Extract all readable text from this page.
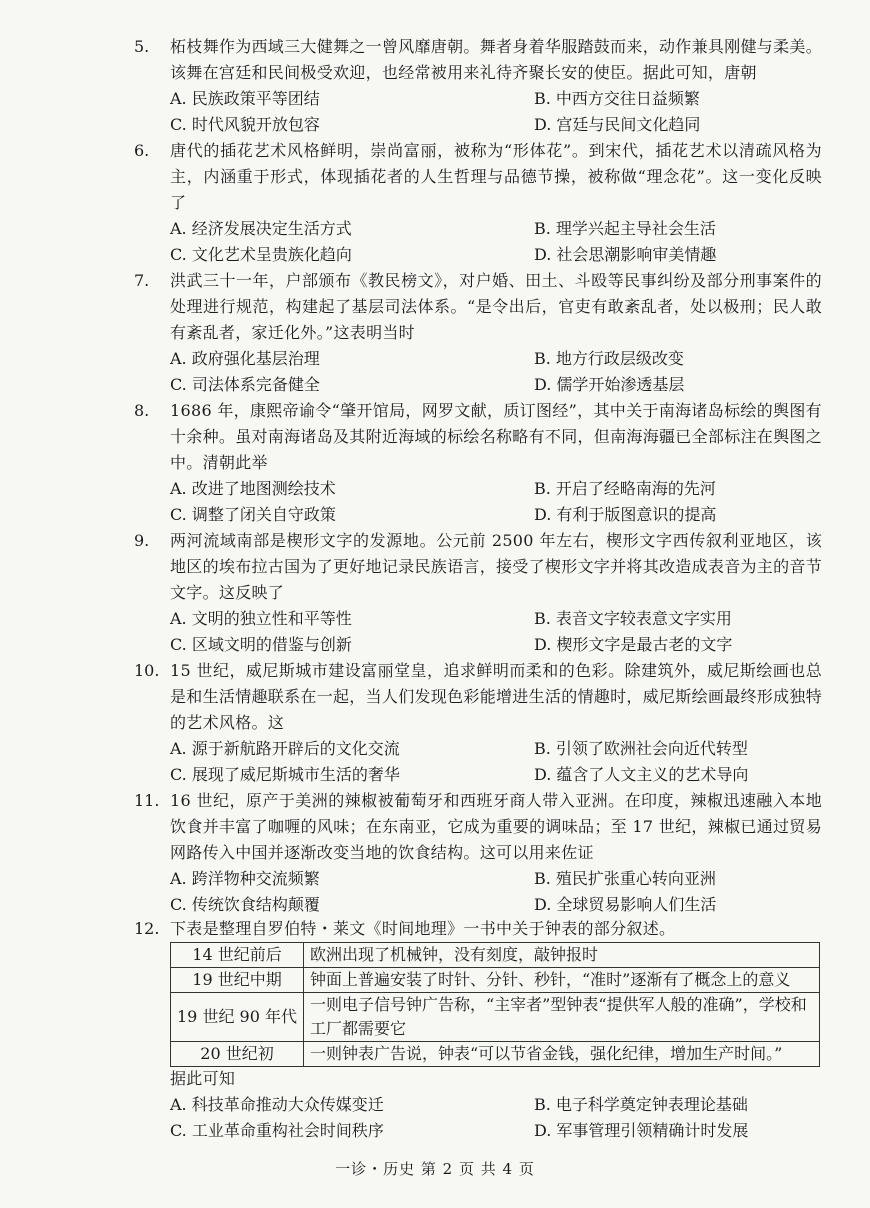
5.	柘枝舞作为西域三大健舞之一曾风靡唐朝。舞者身着华服踏鼓而来，动作兼具刚健与柔美。该舞在宫廷和民间极受欢迎，也经常被用来礼待齐聚长安的使臣。据此可知，唐朝
A. 民族政策平等团结	B. 中西方交往日益频繁
C. 时代风貌开放包容	D. 宫廷与民间文化趋同
6.	唐代的插花艺术风格鲜明，崇尚富丽，被称为“形体花”。到宋代，插花艺术以清疏风格为主，内涵重于形式，体现插花者的人生哲理与品德节操，被称做“理念花”。这一变化反映了
A. 经济发展决定生活方式	B. 理学兴起主导社会生活
C. 文化艺术呈贵族化趋向	D. 社会思潮影响审美情趣
7.	洪武三十一年，户部颁布《教民榜文》，对户婚、田土、斗殴等民事纠纷及部分刑事案件的处理进行规范，构建起了基层司法体系。“是令出后，官吏有敢紊乱者，处以极刑；民人敢有紊乱者，家迁化外。”这表明当时
A. 政府强化基层治理	B. 地方行政层级改变
C. 司法体系完备健全	D. 儒学开始渗透基层
8.	1686 年，康熙帝谕令“肇开馆局，网罗文献，质订图经”，其中关于南海诸岛标绘的舆图有十余种。虽对南海诸岛及其附近海域的标绘名称略有不同，但南海海疆已全部标注在舆图之中。清朝此举
A. 改进了地图测绘技术	B. 开启了经略南海的先河
C. 调整了闭关自守政策	D. 有利于版图意识的提高
9.	两河流域南部是楔形文字的发源地。公元前 2500 年左右，楔形文字西传叙利亚地区，该地区的埃布拉古国为了更好地记录民族语言，接受了楔形文字并将其改造成表音为主的音节文字。这反映了
A. 文明的独立性和平等性	B. 表音文字较表意文字实用
C. 区域文明的借鉴与创新	D. 楔形文字是最古老的文字
10. 15 世纪，威尼斯城市建设富丽堂皇，追求鲜明而柔和的色彩。除建筑外，威尼斯绘画也总是和生活情趣联系在一起，当人们发现色彩能增进生活的情趣时，威尼斯绘画最终形成独特的艺术风格。这
A. 源于新航路开辟后的文化交流	B. 引领了欧洲社会向近代转型
C. 展现了威尼斯城市生活的奢华	D. 蕴含了人文主义的艺术导向
11. 16 世纪，原产于美洲的辣椒被葡萄牙和西班牙商人带入亚洲。在印度，辣椒迅速融入本地饮食并丰富了咖喱的风味；在东南亚，它成为重要的调味品；至 17 世纪，辣椒已通过贸易网路传入中国并逐渐改变当地的饮食结构。这可以用来佐证
A. 跨洋物种交流频繁	B. 殖民扩张重心转向亚洲
C. 传统饮食结构颠覆	D. 全球贸易影响人们生活
12. 下表是整理自罗伯特・莱文《时间地理》一书中关于钟表的部分叙述。
14 世纪前后	欧洲出现了机械钟，没有刻度，敲钟报时
19 世纪中期	钟面上普遍安装了时针、分针、秒针，“准时”逐渐有了概念上的意义
19 世纪 90 年代	一则电子信号钟广告称，“主宰者”型钟表“提供军人般的准确”，学校和工厂都需要它
20 世纪初	一则钟表广告说，钟表“可以节省金钱，强化纪律，增加生产时间。”
据此可知
A. 科技革命推动大众传媒变迁	B. 电子科学奠定钟表理论基础
C. 工业革命重构社会时间秩序	D. 军事管理引领精确计时发展
一诊・历史 第 2 页 共 4 页
